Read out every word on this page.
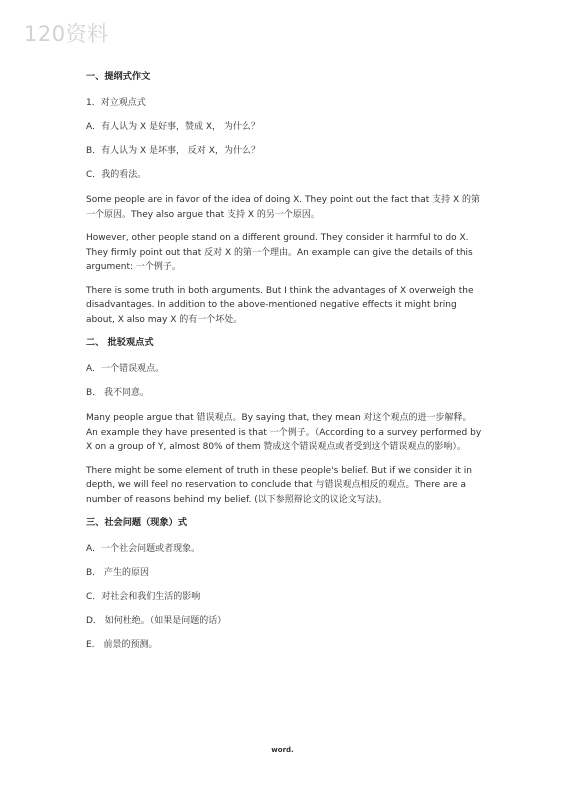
120资料
一、提纲式作文
1．对立观点式
A．有人认为 X 是好事，赞成 X， 为什么？
B．有人认为 X 是坏事， 反对 X，为什么？
C．我的看法。
Some people are in favor of the idea of doing X. They point out the fact that 支持 X 的第一个原因。They also argue that 支持 X 的另一个原因。
However, other people stand on a different ground. They consider it harmful to do X. They firmly point out that 反对 X 的第一个理由。An example can give the details of this argument: 一个例子。
There is some truth in both arguments. But I think the advantages of X overweigh the disadvantages. In addition to the above-mentioned negative effects it might bring about, X also may X 的有一个坏处。
二、 批驳观点式
A．一个错误观点。
B． 我不同意。
Many people argue that 错误观点。By saying that, they mean 对这个观点的进一步解释。An example they have presented is that 一个例子。（According to a survey performed by X on a group of Y, almost 80% of them 赞成这个错误观点或者受到这个错误观点的影响）。
There might be some element of truth in these people's belief. But if we consider it in depth, we will feel no reservation to conclude that 与错误观点相反的观点。There are a number of reasons behind my belief. (以下参照辩论文的议论文写法)。
三、社会问题（现象）式
A．一个社会问题或者现象。
B． 产生的原因
C．对社会和我们生活的影响
D． 如何杜绝。（如果是问题的话）
E． 前景的预测。
word.
